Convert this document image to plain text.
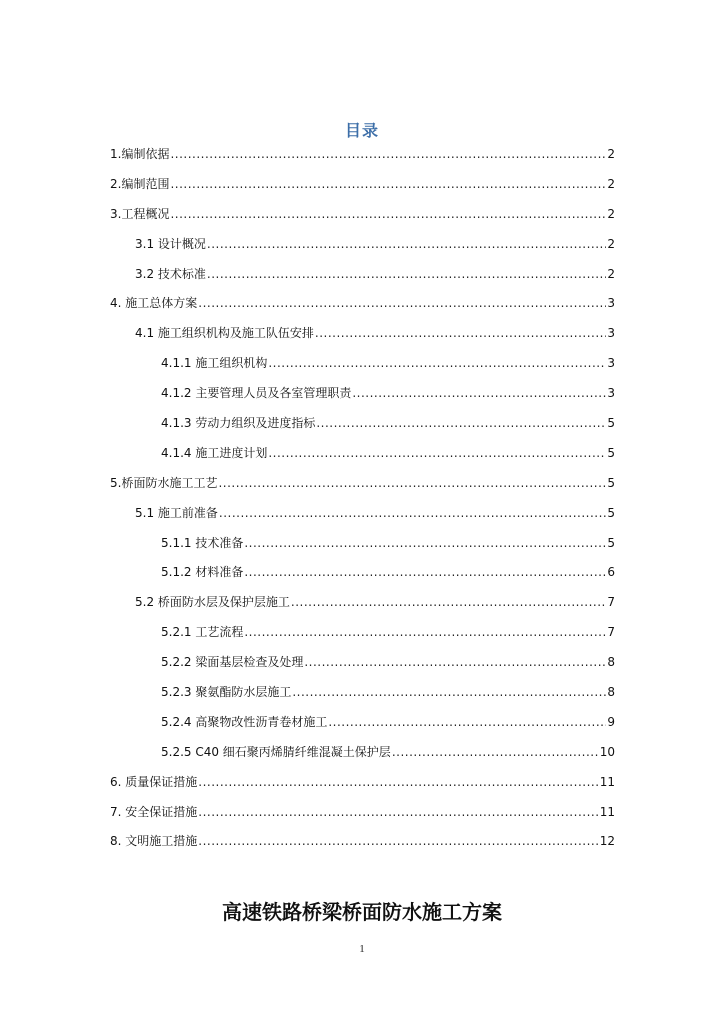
目录
1.编制依据 .....	2
2.编制范围 .....	2
3.工程概况 .....	2
3.1 设计概况 .....	2
3.2 技术标准 .....	2
4. 施工总体方案 .....	3
4.1 施工组织机构及施工队伍安排 .....	3
4.1.1 施工组织机构 .....	3
4.1.2 主要管理人员及各室管理职责 .....	3
4.1.3 劳动力组织及进度指标 .....	5
4.1.4 施工进度计划 .....	5
5.桥面防水施工工艺 .....	5
5.1 施工前准备 .....	5
5.1.1 技术准备 .....	5
5.1.2 材料准备 .....	6
5.2 桥面防水层及保护层施工 .....	7
5.2.1 工艺流程 .....	7
5.2.2 梁面基层检查及处理 .....	8
5.2.3 聚氨酯防水层施工 .....	8
5.2.4 高聚物改性沥青卷材施工 .....	9
5.2.5 C40 细石聚丙烯腈纤维混凝土保护层 .....	10
6. 质量保证措施 .....	11
7. 安全保证措施 .....	11
8. 文明施工措施 .....	12
高速铁路桥梁桥面防水施工方案
1
